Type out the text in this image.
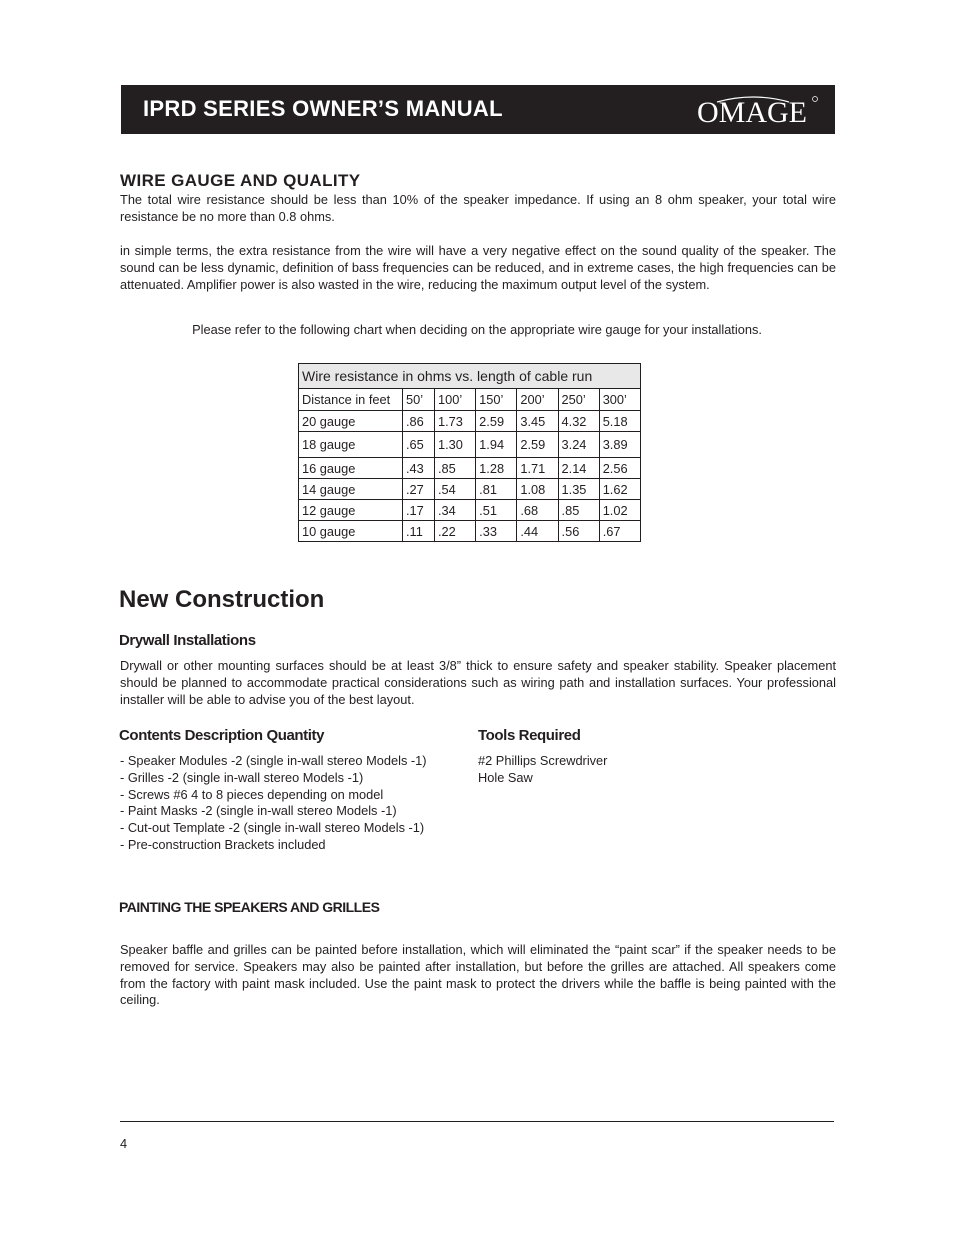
IPRD SERIES OWNER’S MANUAL	OMAGE
WIRE GAUGE AND QUALITY

The total wire resistance should be less than 10% of the speaker impedance. If using an 8 ohm speaker, your total wire resistance be no more than 0.8 ohms.

in simple terms, the extra resistance from the wire will have a very negative effect on the sound quality of the speaker. The sound can be less dynamic, definition of bass frequencies can be reduced, and in extreme cases, the high frequencies can be attenuated. Amplifier power is also wasted in the wire, reducing the maximum output level of the system.

Please refer to the following chart when deciding on the appropriate wire gauge for your installations.

Wire resistance in ohms vs. length of cable run						
Distance in feet	50’	100’	150’	200’	250’	300’
20 gauge	.86	1.73	2.59	3.45	4.32	5.18
18 gauge	.65	1.30	1.94	2.59	3.24	3.89
16 gauge	.43	.85	1.28	1.71	2.14	2.56
14 gauge	.27	.54	.81	1.08	1.35	1.62
12 gauge	.17	.34	.51	.68	.85	1.02
10 gauge	.11	.22	.33	.44	.56	.67
New Construction
Drywall Installations

Drywall or other mounting surfaces should be at least 3/8” thick to ensure safety and speaker stability. Speaker placement should be planned to accommodate practical considerations such as wiring path and installation surfaces. Your professional installer will be able to advise you of the best layout.

Contents Description Quantity
- Speaker Modules -2 (single in-wall stereo Models -1)
- Grilles -2 (single in-wall stereo Models -1)
- Screws #6 4 to 8 pieces depending on model
- Paint Masks -2 (single in-wall stereo Models -1)
- Cut-out Template -2 (single in-wall stereo Models -1)
- Pre-construction Brackets included
Tools Required
#2 Phillips Screwdriver
Hole Saw
PAINTING THE SPEAKERS AND GRILLES

Speaker baffle and grilles can be painted before installation, which will eliminated the “paint scar” if the speaker needs to be removed for service. Speakers may also be painted after installation, but before the grilles are attached. All speakers come from the factory with paint mask included. Use the paint mask to protect the drivers while the baffle is being painted with the ceiling.

4
